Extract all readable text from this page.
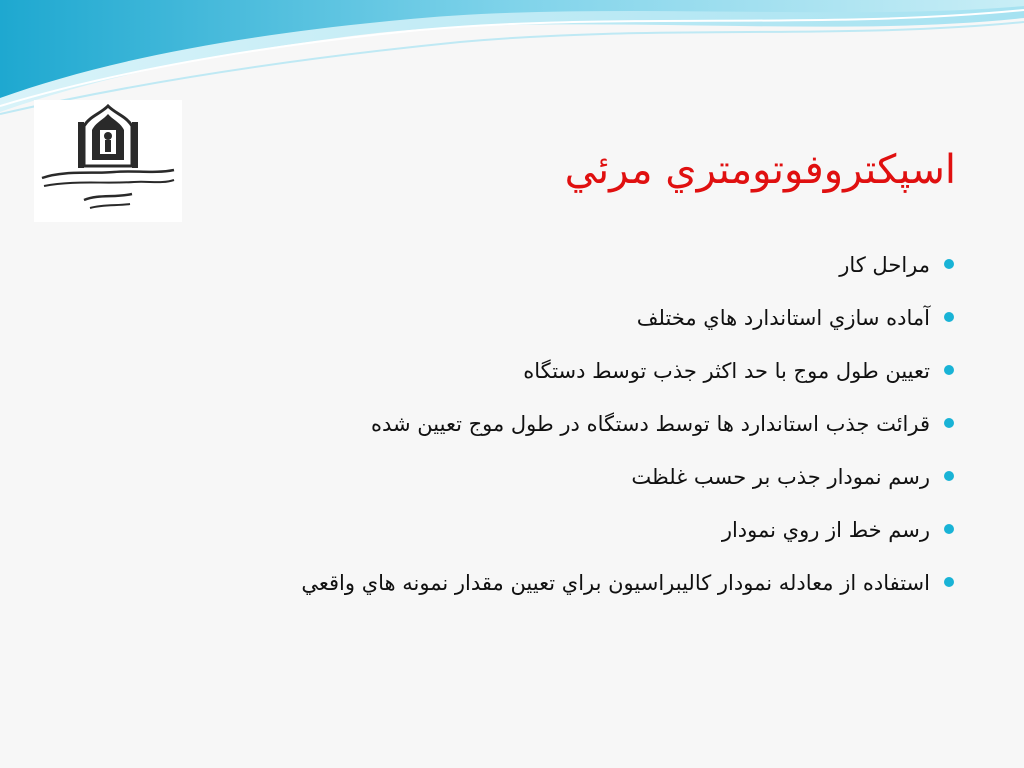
اسپكتروفوتومتري مرئي
مراحل كار
آماده سازي استاندارد هاي مختلف
تعيين طول موج با حد اكثر جذب توسط دستگاه
قرائت جذب استاندارد ها توسط دستگاه در طول موج تعيين شده
رسم نمودار جذب بر حسب غلظت
رسم خط از روي نمودار
استفاده از معادله نمودار كاليبراسيون براي تعيين مقدار نمونه هاي واقعي
